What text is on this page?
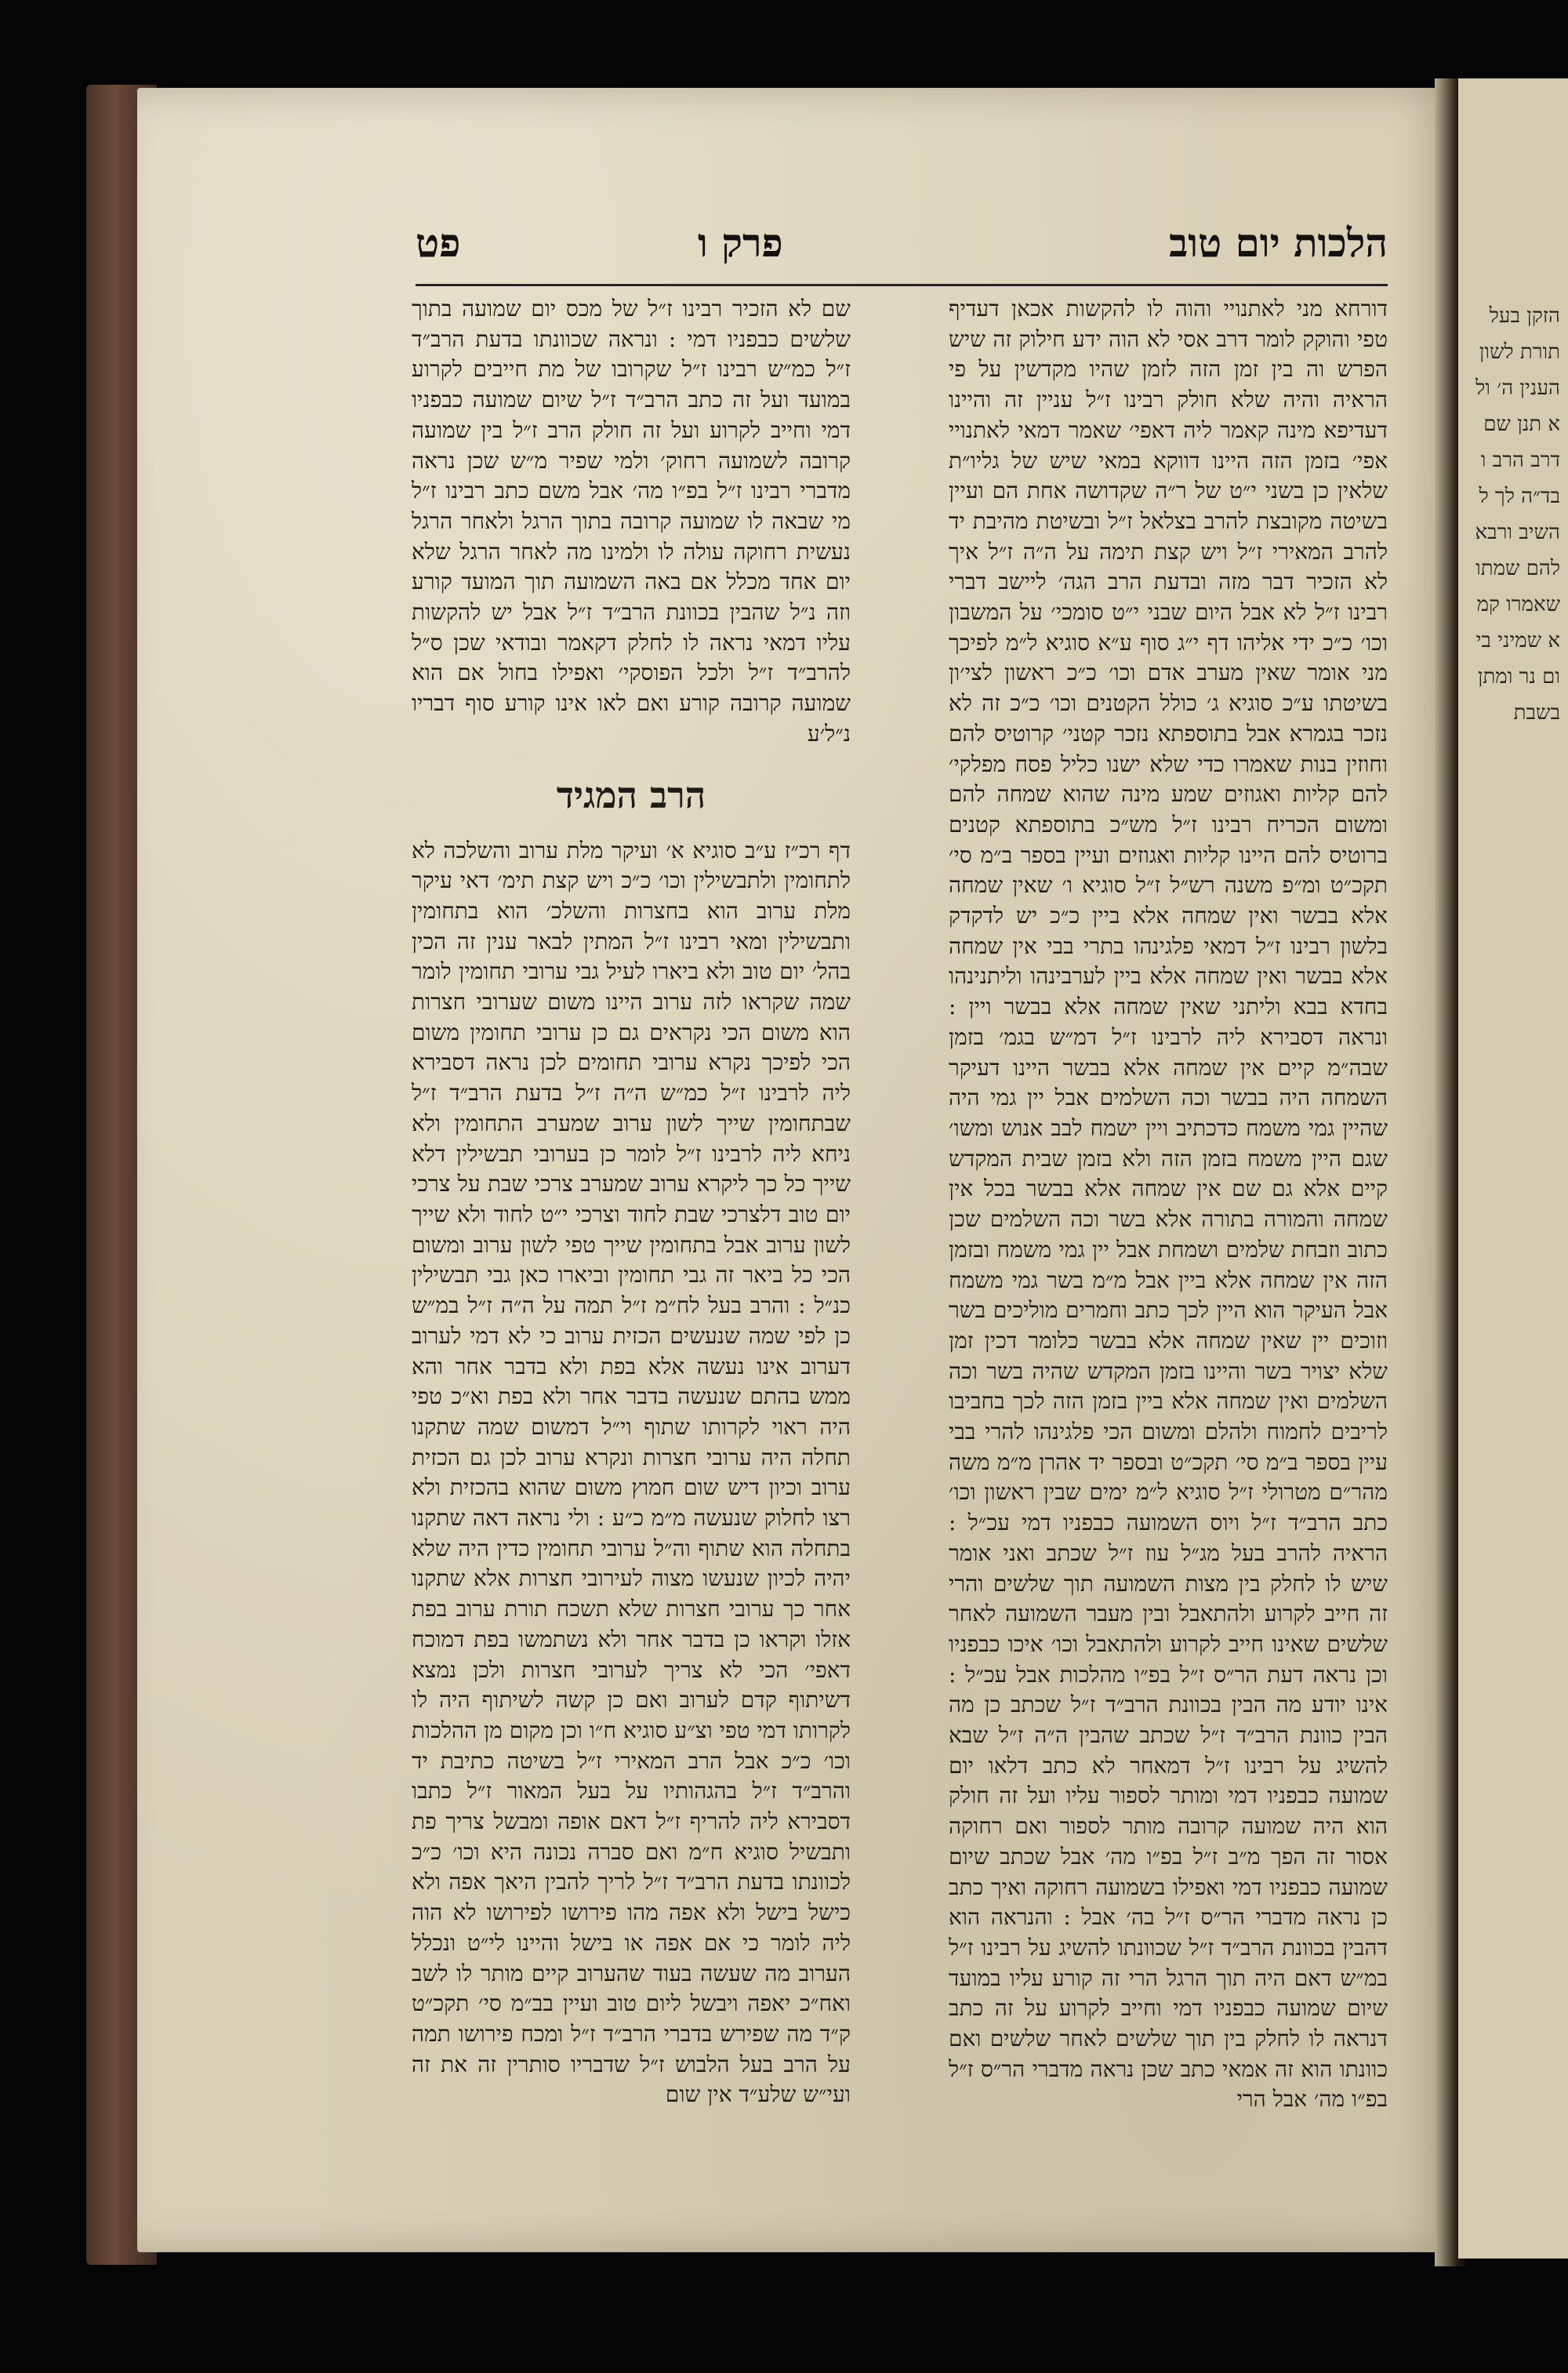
הלכות יום טוב
פרק ו
פט

דורחא מני לאתנויי והוה לו להקשות אכאן דעדיף טפי והוקק לומר דרב אסי לא הוה ידע חילוק זה שיש הפרש וה בין זמן הזה לזמן שהיו מקדשין על פי הראיה והיה שלא חולק רבינו ז״ל עניין זה והיינו דעדיפא מינה קאמר ליה דאפי׳ שאמר דמאי לאתנויי אפי׳ בזמן הזה היינו דווקא במאי שיש של גליו״ת שלאין כן בשני י״ט של ר״ה שקדושה אחת הם ועיין בשיטה מקובצת להרב בצלאל ז״ל ובשיטת מהיבת יד להרב המאירי ז״ל ויש קצת תימה על ה״ה ז״ל איך לא הזכיר דבר מזה ובדעת הרב הגה׳ ליישב דברי רבינו ז״ל לא אבל היום שבני י״ט סומכי׳ על המשבון וכו׳ כ״כ ידי אליהו דף י״ג סוף ע״א סוגיא ל״מ לפיכך מני אומר שאין מערב אדם וכו׳ כ״כ ראשון לצי׳ון בשיטתו ע״כ סוגיא ג׳ כולל הקטנים וכו׳ כ״כ זה לא נזכר בגמרא אבל בתוספתא נזכר קטני׳ קרוטיס להם וחוזין בנות שאמרו כדי שלא ישנו כליל פסח מפלקי׳ להם קליות ואגוזים שמע מינה שהוא שמחה להם ומשום הכריח רבינו ז״ל מש״כ בתוספתא קטנים ברוטיס להם היינו קליות ואגוזים ועיין בספר ב״מ סי׳ תקכ״ט ומ״פ משנה רש״ל ז״ל סוגיא ו׳ שאין שמחה אלא בבשר ואין שמחה אלא ביין כ״כ יש לדקדק בלשון רבינו ז״ל דמאי פלגינהו בתרי בבי אין שמחה אלא בבשר ואין שמחה אלא ביין לערבינהו וליתנינהו בחדא בבא וליתני שאין שמחה אלא בבשר ויין : ונראה דסבירא ליה לרבינו ז״ל דמ״ש בגמ׳ בזמן שבה״מ קיים אין שמחה אלא בבשר היינו דעיקר השמחה היה בבשר וכה השלמים אבל יין גמי היה שהיין גמי משמח כדכתיב ויין ישמח לבב אנוש ומשו׳ שגם היין משמח בזמן הזה ולא בזמן שבית המקדש קיים אלא גם שם אין שמחה אלא בבשר בכל אין שמחה והמורה בתורה אלא בשר וכה השלמים שכן כתוב וזבחת שלמים ושמחת אבל יין גמי משמח ובזמן הזה אין שמחה אלא ביין אבל מ״מ בשר גמי משמח אבל העיקר הוא היין לכך כתב וחמרים מוליכים בשר וזוכים יין שאין שמחה אלא בבשר כלומר דכין זמן שלא יצויר בשר והיינו בזמן המקדש שהיה בשר וכה השלמים ואין שמחה אלא ביין בזמן הזה לכך בחביבו לריבים לחמוח ולהלם ומשום הכי פלגינהו להרי בבי עיין בספר ב״מ סי׳ תקכ״ט ובספר יד אהרן מ״מ משה מהר״ם מטרולי ז״ל סוגיא ל״מ ימים שבין ראשון וכו׳ כתב הרב״ד ז״ל ויוס השמועה כבפניו דמי עכ״ל : הראיה להרב בעל מג״ל עוז ז״ל שכתב ואני אומר שיש לו לחלק בין מצות השמועה תוך שלשים והרי זה חייב לקרוע ולהתאבל ובין מעבר השמועה לאחר שלשים שאינו חייב לקרוע ולהתאבל וכו׳ איכו כבפניו וכן נראה דעת הר״ס ז״ל בפ״ו מהלכות אבל עכ״ל : אינו יודע מה הבין בכוונת הרב״ד ז״ל שכתב כן מה הבין כוונת הרב״ד ז״ל שכתב שהבין ה״ה ז״ל שבא להשיג על רבינו ז״ל דמאחר לא כתב דלאו יום שמועה כבפניו דמי ומותר לספור עליו ועל זה חולק הוא היה שמועה קרובה מותר לספור ואם רחוקה אסור זה הפך מ״ב ז״ל בפ״ו מה׳ אבל שכתב שיום שמועה כבפניו דמי ואפילו בשמועה רחוקה ואיך כתב כן נראה מדברי הר״ס ז״ל בה׳ אבל : והנראה הוא דהבין בכוונת הרב״ד ז״ל שכוונתו להשיג על רבינו ז״ל במ״ש דאם היה תוך הרגל הרי זה קורע עליו במועד שיום שמועה כבפניו דמי וחייב לקרוע על זה כתב דנראה לו לחלק בין תוך שלשים לאחר שלשים ואם כוונתו הוא זה אמאי כתב שכן נראה מדברי הר״ס ז״ל בפ״ו מה׳ אבל הרי

שם לא הזכיר רבינו ז״ל של מכס יום שמועה בתוך שלשים כבפניו דמי : ונראה שכוונתו בדעת הרב״ד ז״ל כמ״ש רבינו ז״ל שקרובו של מת חייבים לקרוע במועד ועל זה כתב הרב״ד ז״ל שיום שמועה כבפניו דמי וחייב לקרוע ועל זה חולק הרב ז״ל בין שמועה קרובה לשמועה רחוק׳ ולמי שפיר מ״ש שכן נראה מדברי רבינו ז״ל בפ״ו מה׳ אבל משם כתב רבינו ז״ל מי שבאה לו שמועה קרובה בתוך הרגל ולאחר הרגל נעשית רחוקה עולה לו ולמינו מה לאחר הרגל שלא יום אחד מכלל אם באה השמועה תוך המועד קורע וזה נ״ל שהבין בכוונת הרב״ד ז״ל אבל יש להקשות עליו דמאי נראה לו לחלק דקאמר ובודאי שכן ס״ל להרב״ד ז״ל ולכל הפוסקי׳ ואפילו בחול אם הוא שמועה קרובה קורע ואם לאו אינו קורע סוף דבריו נ״ל׳ע

הרב המגיד

דף רכ״ז ע״ב סוגיא א׳ ועיקר מלת ערוב והשלכה לא לתחומין ולתבשילין וכו׳ כ״כ ויש קצת תימ׳ דאי עיקר מלת ערוב הוא בחצרות והשלכ׳ הוא בתחומין ותבשילין ומאי רבינו ז״ל המתין לבאר ענין זה הכין בהל׳ יום טוב ולא ביארו לעיל גבי ערובי תחומין לומר שמה שקראו לזה ערוב היינו משום שערובי חצרות הוא משום הכי נקראים גם כן ערובי תחומין משום הכי לפיכך נקרא ערובי תחומים לכן נראה דסבירא ליה לרבינו ז״ל כמ״ש ה״ה ז״ל בדעת הרב״ד ז״ל שבתחומין שייך לשון ערוב שמערב התחומין ולא ניחא ליה לרבינו ז״ל לומר כן בערובי תבשילין דלא שייך כל כך ליקרא ערוב שמערב צרכי שבת על צרכי יום טוב דלצרכי שבת לחוד וצרכי י״ט לחוד ולא שייך לשון ערוב אבל בתחומין שייך טפי לשון ערוב ומשום הכי כל ביאר זה גבי תחומין וביארו כאן גבי תבשילין כנ״ל : והרב בעל לח״מ ז״ל תמה על ה״ה ז״ל במ״ש כן לפי שמה שנעשים הכזית ערוב כי לא דמי לערוב דערוב אינו נעשה אלא בפת ולא בדבר אחר והא ממש בהתם שנעשה בדבר אחר ולא בפת וא״כ טפי היה ראוי לקרותו שתוף וי״ל דמשום שמה שתקנו תחלה היה ערובי חצרות ונקרא ערוב לכן גם הכזית ערוב וכיון דיש שום חמוץ משום שהוא בהכזית ולא רצו לחלוק שנעשה מ״מ כ״ע : ולי נראה דאה שתקנו בתחלה הוא שתוף וה״ל ערובי תחומין כדין היה שלא יהיה לכיון שנעשו מצוה לעירובי חצרות אלא שתקנו אחר כך ערובי חצרות שלא תשכח תורת ערוב בפת אזלו וקראו כן בדבר אחר ולא נשתמשו בפת דמוכח דאפי׳ הכי לא צריך לערובי חצרות ולכן נמצא דשיתוף קדם לערוב ואם כן קשה לשיתוף היה לו לקרותו דמי טפי וצ״ע סוגיא ח״ו וכן מקום מן ההלכות וכו׳ כ״כ אבל הרב המאירי ז״ל בשיטה כתיבת יד והרב״ד ז״ל בהגהותיו על בעל המאור ז״ל כתבו דסבירא ליה להריף ז״ל דאם אופה ומבשל צריך פת ותבשיל סוגיא ח״מ ואם סברה נכונה היא וכו׳ כ״כ לכוונתו בדעת הרב״ד ז״ל לריך להבין היאך אפה ולא כישל בישל ולא אפה מהו פירושו לפירושו לא הוה ליה לומר כי אם אפה או בישל והיינו לי״ט ונכלל הערוב מה שעשה בעוד שהערוב קיים מותר לו לשב ואח״כ יאפה ויבשל ליום טוב ועיין בב״מ סי׳ תקכ״ט ק״ד מה שפירש בדברי הרב״ד ז״ל ומכח פירושו תמה על הרב בעל הלבוש ז״ל שדבריו סותרין זה את זה ועי״ש שלע״ד אין שום

הזקן בעל תורת לשון הענין ה׳ ולא תנן שם דרב הרב ובד״ה לך להשיב ורבא להם שמתו שאמרו קמא שמיני ביום נר ומתן בשבת
